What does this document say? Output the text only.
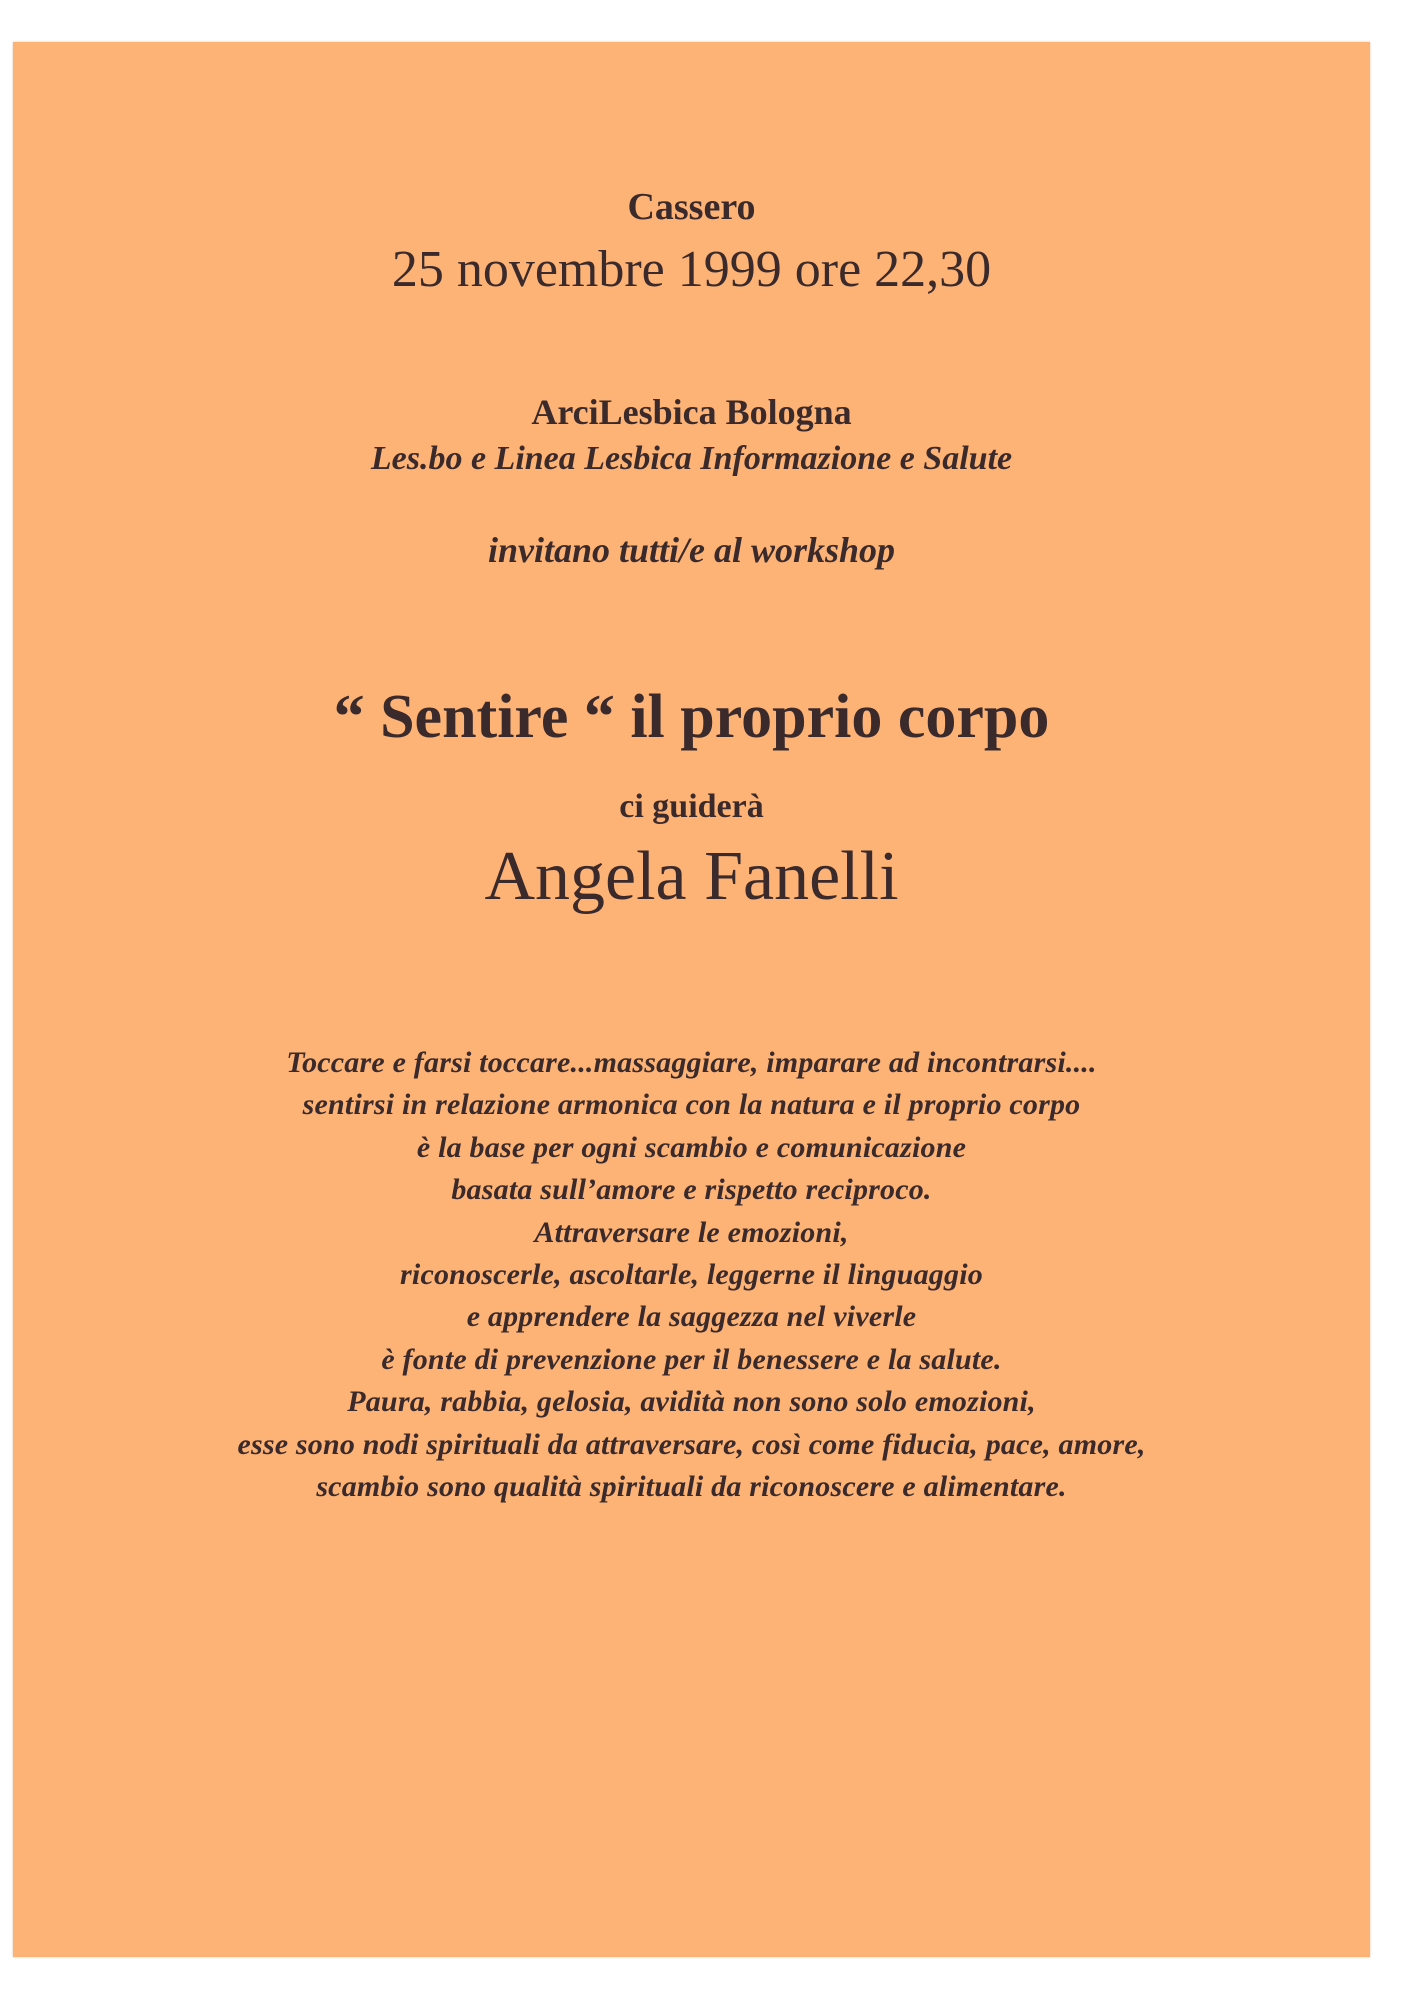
Cassero
25 novembre 1999 ore 22,30
ArciLesbica Bologna
Les.bo e Linea Lesbica Informazione e Salute
invitano tutti/e al workshop
“ Sentire “ il proprio corpo
ci guiderà
Angela Fanelli
Toccare e farsi toccare...massaggiare, imparare ad incontrarsi....
sentirsi in relazione armonica con la natura e il proprio corpo
è la base per ogni scambio e comunicazione
basata sull’amore e rispetto reciproco.
Attraversare le emozioni,
riconoscerle, ascoltarle, leggerne il linguaggio
e apprendere la saggezza nel viverle
è fonte di prevenzione per il benessere e la salute.
Paura, rabbia, gelosia, avidità non sono solo emozioni,
esse sono nodi spirituali da attraversare, così come fiducia, pace, amore,
scambio sono qualità spirituali da riconoscere e alimentare.
